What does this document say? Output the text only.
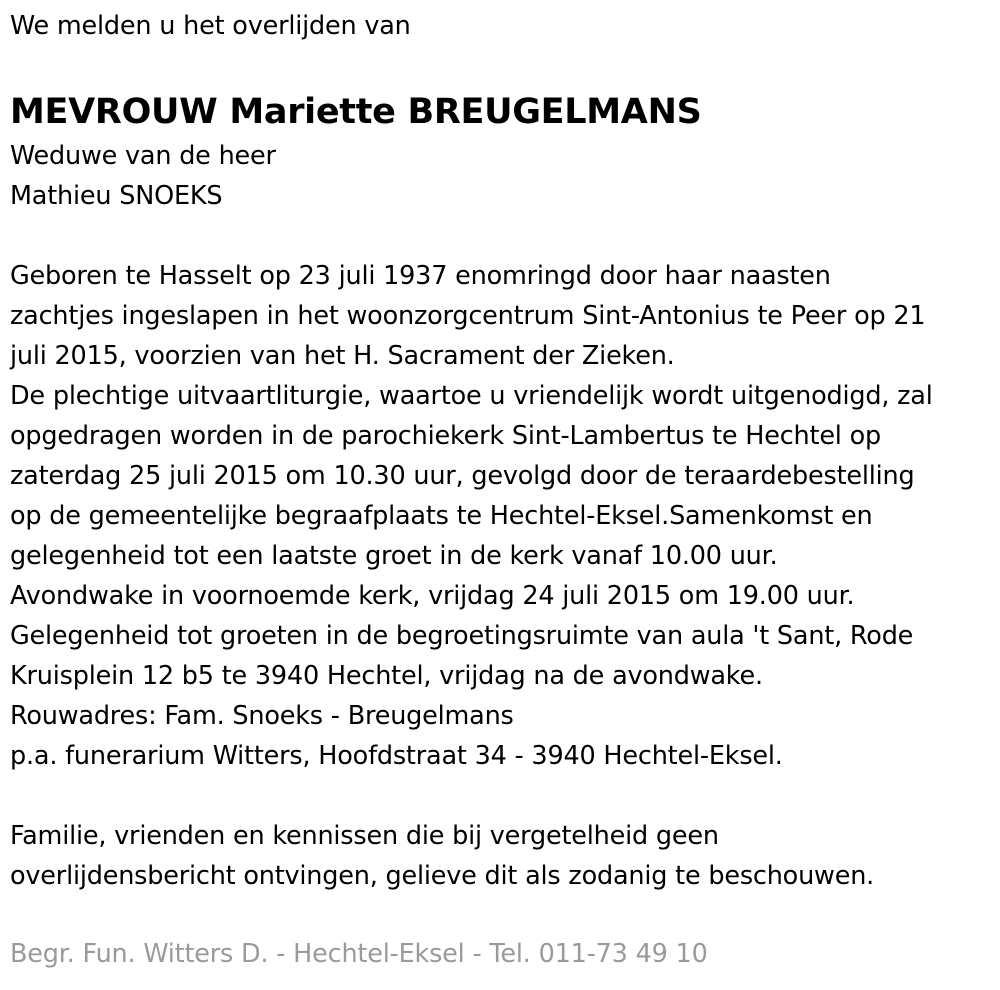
We melden u het overlijden van
MEVROUW Mariette BREUGELMANS
Weduwe van de heer
Mathieu SNOEKS
Geboren te Hasselt op 23 juli 1937 enomringd door haar naasten
zachtjes ingeslapen in het woonzorgcentrum Sint-Antonius te Peer op 21
juli 2015, voorzien van het H. Sacrament der Zieken.
De plechtige uitvaartliturgie, waartoe u vriendelijk wordt uitgenodigd, zal
opgedragen worden in de parochiekerk Sint-Lambertus te Hechtel op
zaterdag 25 juli 2015 om 10.30 uur, gevolgd door de teraardebestelling
op de gemeentelijke begraafplaats te Hechtel-Eksel.Samenkomst en
gelegenheid tot een laatste groet in de kerk vanaf 10.00 uur.
Avondwake in voornoemde kerk, vrijdag 24 juli 2015 om 19.00 uur.
Gelegenheid tot groeten in de begroetingsruimte van aula 't Sant, Rode
Kruisplein 12 b5 te 3940 Hechtel, vrijdag na de avondwake.
Rouwadres: Fam. Snoeks - Breugelmans
p.a. funerarium Witters, Hoofdstraat 34 - 3940 Hechtel-Eksel.
Familie, vrienden en kennissen die bij vergetelheid geen
overlijdensbericht ontvingen, gelieve dit als zodanig te beschouwen.
Begr. Fun. Witters D. - Hechtel-Eksel - Tel. 011-73 49 10
